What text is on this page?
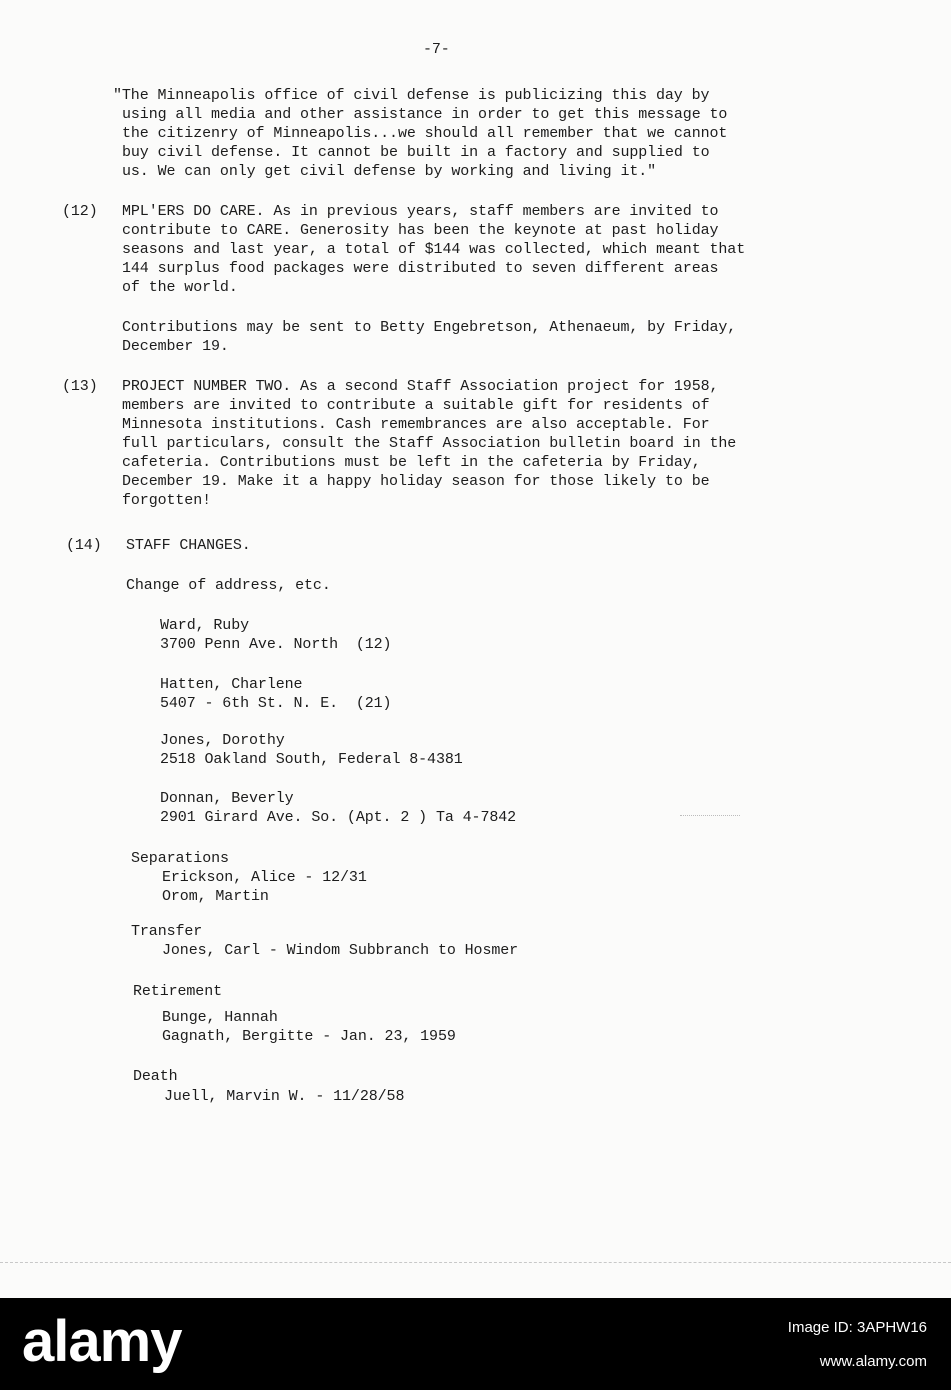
-7-
"The Minneapolis office of civil defense is publicizing this day by
using all media and other assistance in order to get this message to
the citizenry of Minneapolis...we should all remember that we cannot
buy civil defense. It cannot be built in a factory and supplied to
us. We can only get civil defense by working and living it."
(12) MPL'ERS DO CARE. As in previous years, staff members are invited to
contribute to CARE. Generosity has been the keynote at past holiday
seasons and last year, a total of $144 was collected, which meant that
144 surplus food packages were distributed to seven different areas
of the world.
Contributions may be sent to Betty Engebretson, Athenaeum, by Friday,
December 19.
(13) PROJECT NUMBER TWO. As a second Staff Association project for 1958,
members are invited to contribute a suitable gift for residents of
Minnesota institutions. Cash remembrances are also acceptable. For
full particulars, consult the Staff Association bulletin board in the
cafeteria. Contributions must be left in the cafeteria by Friday,
December 19. Make it a happy holiday season for those likely to be
forgotten!
(14) STAFF CHANGES.
Change of address, etc.
Ward, Ruby
3700 Penn Ave. North  (12)
Hatten, Charlene
5407 - 6th St. N. E.  (21)
Jones, Dorothy
2518 Oakland South, Federal 8-4381
Donnan, Beverly
2901 Girard Ave. So. (Apt. 2 ) Ta 4-7842
Separations
Erickson, Alice - 12/31
Orom, Martin
Transfer
Jones, Carl - Windom Subbranch to Hosmer
Retirement
Bunge, Hannah
Gagnath, Bergitte - Jan. 23, 1959
Death
Juell, Marvin W. - 11/28/58
alamy	Image ID: 3APHW16
www.alamy.com
